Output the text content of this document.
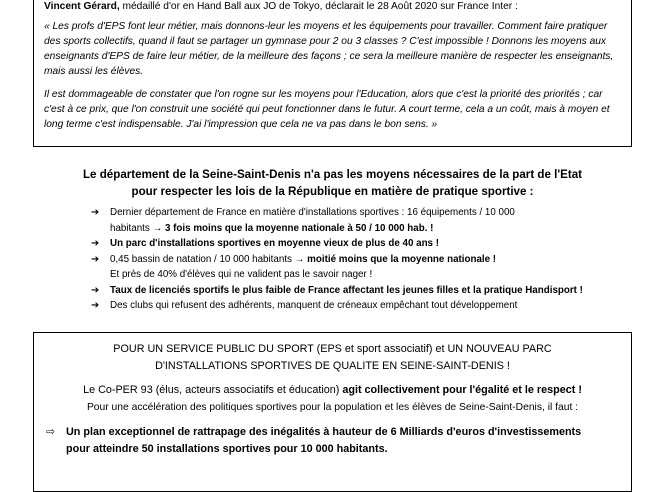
Vincent Gérard, médaillé d'or en Hand Ball aux JO de Tokyo, déclarait le 28 Août 2020 sur France Inter :

« Les profs d'EPS font leur métier, mais donnons-leur les moyens et les équipements pour travailler. Comment faire pratiquer des sports collectifs, quand il faut se partager un gymnase pour 2 ou 3 classes ? C'est impossible ! Donnons les moyens aux enseignants d'EPS de faire leur métier, de la meilleure des façons ; ce sera la meilleure manière de respecter les enseignants, mais aussi les élèves.

Il est dommageable de constater que l'on rogne sur les moyens pour l'Education, alors que c'est la priorité des priorités ; car c'est à ce prix, que l'on construit une société qui peut fonctionner dans le futur. A court terme, cela a un coût, mais à moyen et long terme c'est indispensable. J'ai l'impression que cela ne va pas dans le bon sens. »

Le département de la Seine-Saint-Denis n'a pas les moyens nécessaires de la part de l'Etat
pour respecter les lois de la République en matière de pratique sportive :
➔ Dernier département de France en matière d'installations sportives : 16 équipements / 10 000
habitants → 3 fois moins que la moyenne nationale à 50 / 10 000 hab. !
➔ Un parc d'installations sportives en moyenne vieux de plus de 40 ans !
➔ 0,45 bassin de natation / 10 000 habitants → moitié moins que la moyenne nationale !
Et près de 40% d'élèves qui ne valident pas le savoir nager !
➔ Taux de licenciés sportifs le plus faible de France affectant les jeunes filles et la pratique Handisport !
➔ Des clubs qui refusent des adhérents, manquent de créneaux empêchant tout développement
POUR UN SERVICE PUBLIC DU SPORT (EPS et sport associatif) et UN NOUVEAU PARC
D'INSTALLATIONS SPORTIVES DE QUALITE EN SEINE-SAINT-DENIS !

Le Co-PER 93 (élus, acteurs associatifs et éducation) agit collectivement pour l'égalité et le respect !

Pour une accélération des politiques sportives pour la population et les élèves de Seine-Saint-Denis, il faut :

⇨ Un plan exceptionnel de rattrapage des inégalités à hauteur de 6 Milliards d'euros d'investissements
pour atteindre 50 installations sportives pour 10 000 habitants.
